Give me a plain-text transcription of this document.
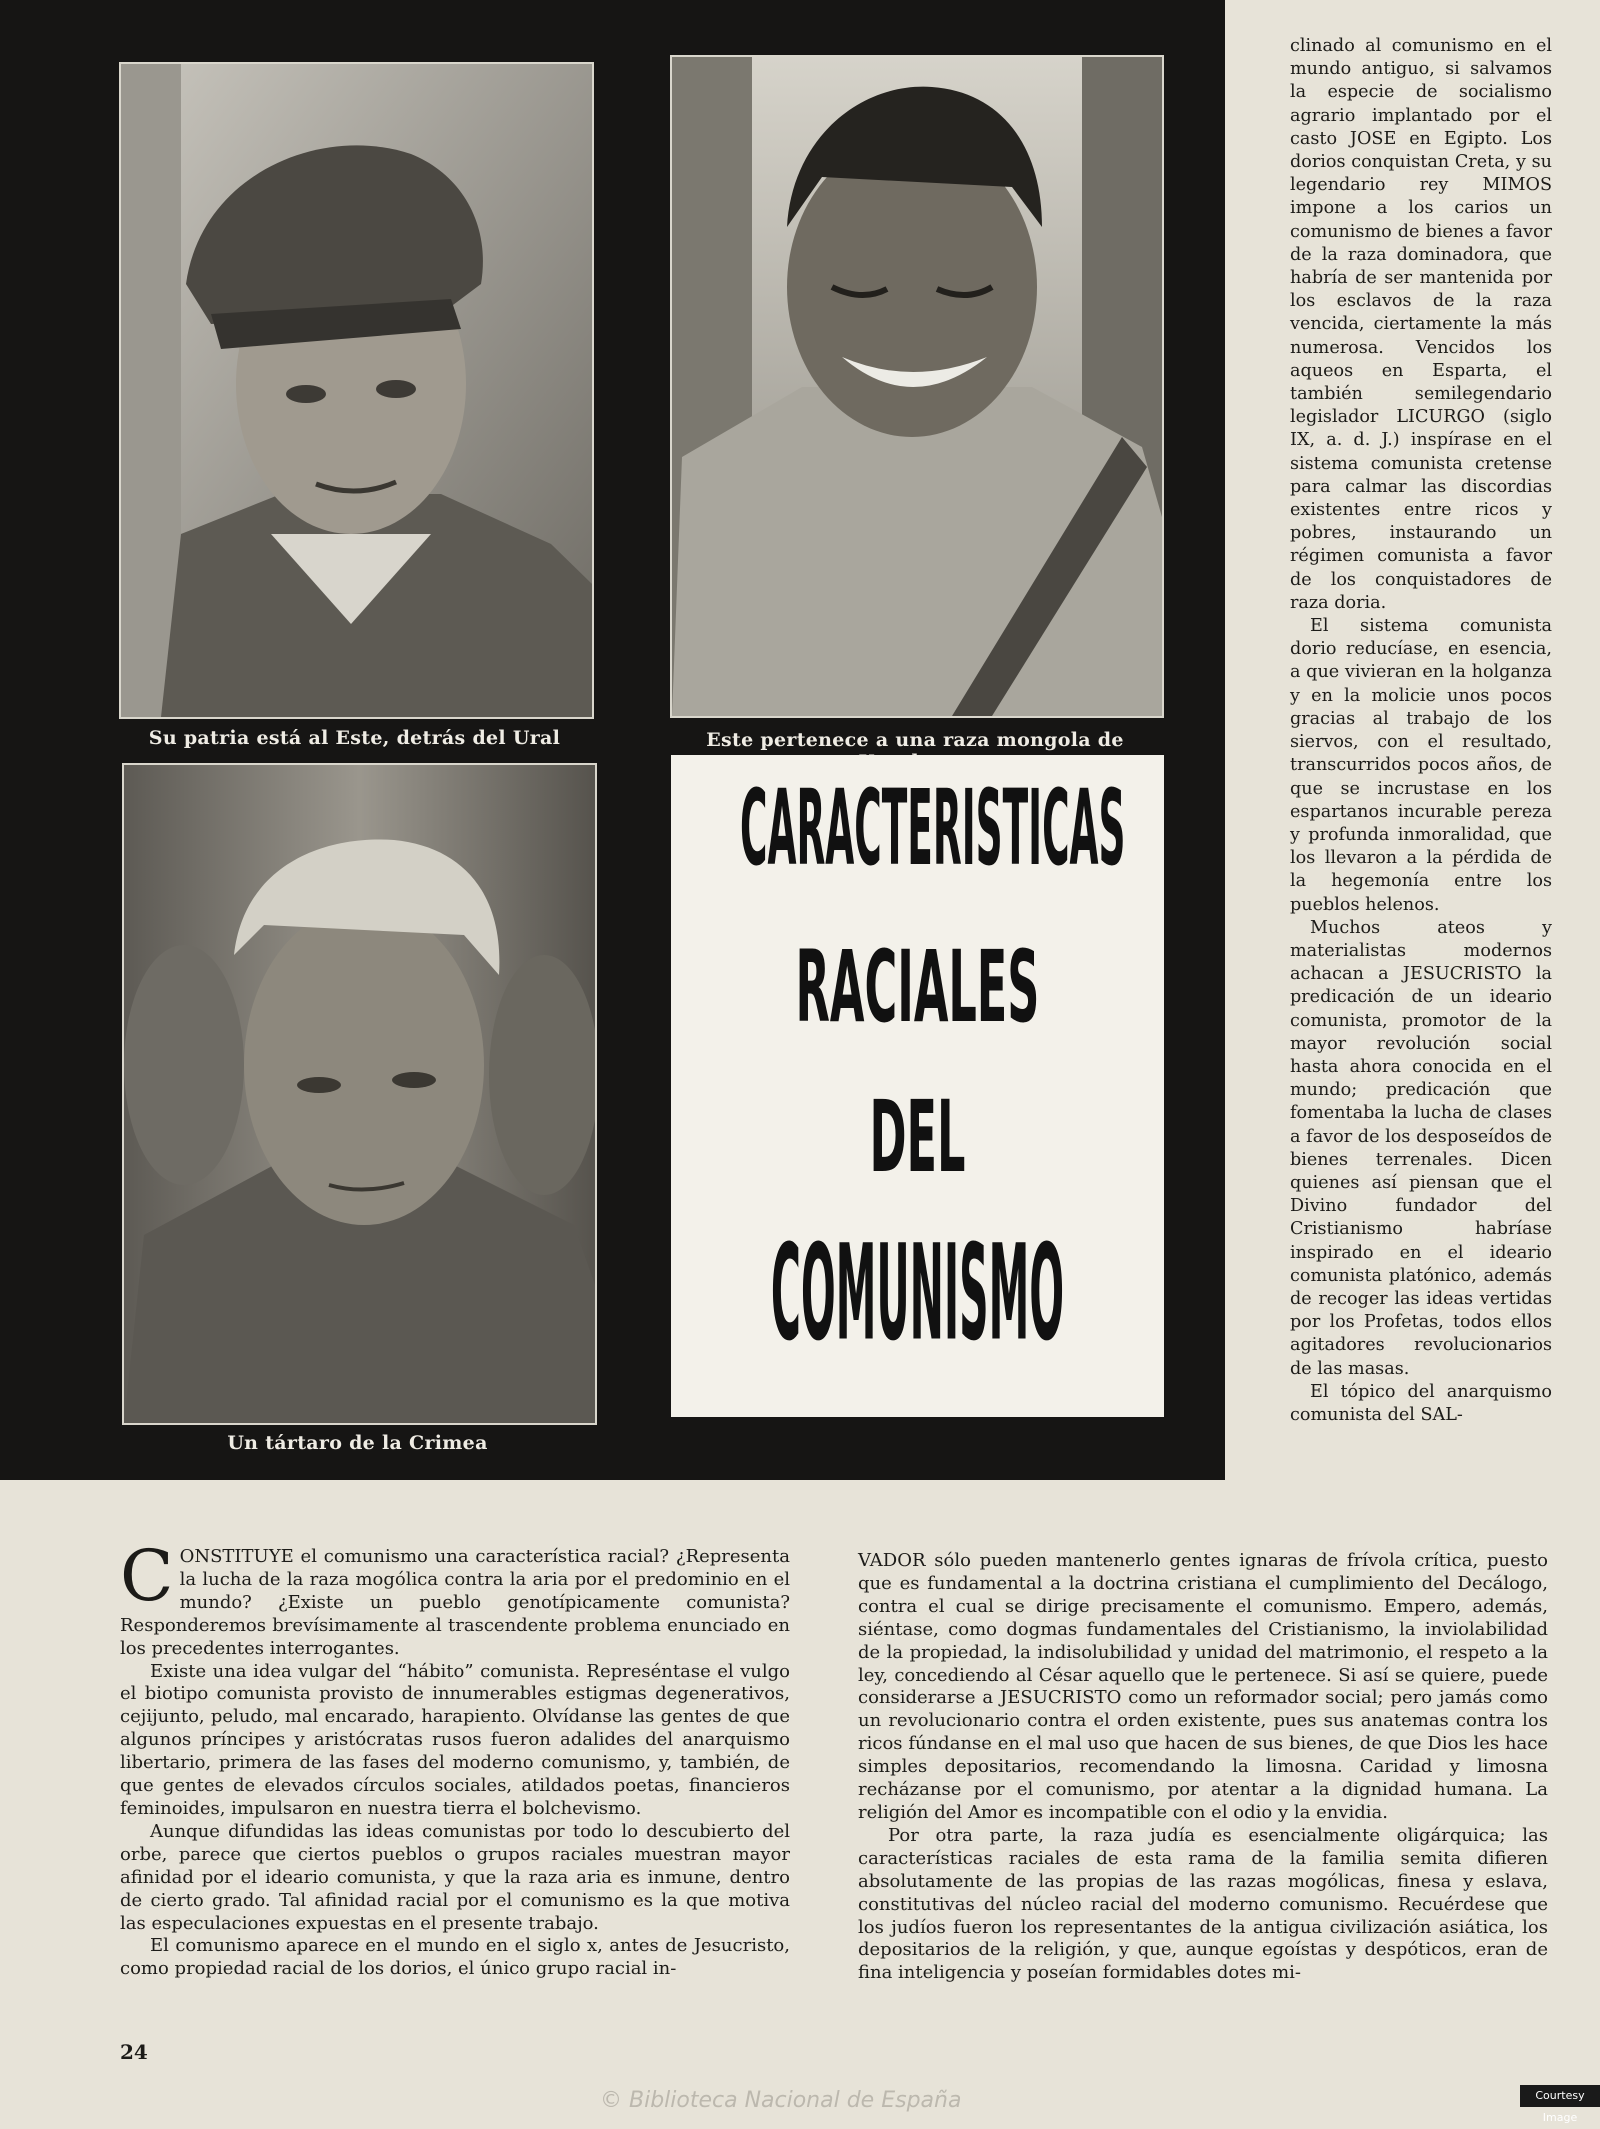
Su patria está al Este, detrás del Ural	Este pertenece a una raza mongola de
Un tártaro de la Crimea
CARACTERISTICAS
RACIALES
DEL
COMUNISMO

clinado al comunismo en el mundo antiguo, si salvamos la especie de socialismo agrario implantado por el casto JOSE en Egipto. Los dorios conquistan Creta, y su legendario rey MIMOS impone a los carios un comunismo de bienes a favor de la raza dominadora, que habría de ser mantenida por los esclavos de la raza vencida, ciertamente la más numerosa. Vencidos los aqueos en Esparta, el también semilegendario legislador LICURGO (siglo IX, a. d. J.) inspírase en el sistema comunista cretense para calmar las discordias existentes entre ricos y pobres, instaurando un régimen comunista a favor de los conquistadores de raza doria.

El sistema comunista dorio reducíase, en esencia, a que vivieran en la holganza y en la molicie unos pocos gracias al trabajo de los siervos, con el resultado, transcurridos pocos años, de que se incrustase en los espartanos incurable pereza y profunda inmoralidad, que los llevaron a la pérdida de la hegemonía entre los pueblos helenos.

Muchos ateos y materialistas modernos achacan a JESUCRISTO la predicación de un ideario comunista, promotor de la mayor revolución social hasta ahora conocida en el mundo; predicación que fomentaba la lucha de clases a favor de los desposeídos de bienes terrenales. Dicen quienes así piensan que el Divino fundador del Cristianismo habríase inspirado en el ideario comunista platónico, además de recoger las ideas vertidas por los Profetas, todos ellos agitadores revolucionarios de las masas.

El tópico del anarquismo comunista del SAL-

CONSTITUYE el comunismo una característica racial? ¿Representa la lucha de la raza mogólica contra la aria por el predominio en el mundo? ¿Existe un pueblo genotípicamente comunista? Responderemos brevísimamente al trascendente problema enunciado en los precedentes interrogantes.

Existe una idea vulgar del “hábito” comunista. Represéntase el vulgo el biotipo comunista provisto de innumerables estigmas degenerativos, cejijunto, peludo, mal encarado, harapiento. Olvídanse las gentes de que algunos príncipes y aristócratas rusos fueron adalides del anarquismo libertario, primera de las fases del moderno comunismo, y, también, de que gentes de elevados círculos sociales, atildados poetas, financieros feminoides, impulsaron en nuestra tierra el bolchevismo.

Aunque difundidas las ideas comunistas por todo lo descubierto del orbe, parece que ciertos pueblos o grupos raciales muestran mayor afinidad por el ideario comunista, y que la raza aria es inmune, dentro de cierto grado. Tal afinidad racial por el comunismo es la que motiva las especulaciones expuestas en el presente trabajo.

El comunismo aparece en el mundo en el siglo x, antes de Jesucristo, como propiedad racial de los dorios, el único grupo racial in-

VADOR sólo pueden mantenerlo gentes ignaras de frívola crítica, puesto que es fundamental a la doctrina cristiana el cumplimiento del Decálogo, contra el cual se dirige precisamente el comunismo. Empero, además, siéntase, como dogmas fundamentales del Cristianismo, la inviolabilidad de la propiedad, la indisolubilidad y unidad del matrimonio, el respeto a la ley, concediendo al César aquello que le pertenece. Si así se quiere, puede considerarse a JESUCRISTO como un reformador social; pero jamás como un revolucionario contra el orden existente, pues sus anatemas contra los ricos fúndanse en el mal uso que hacen de sus bienes, de que Dios les hace simples depositarios, recomendando la limosna. Caridad y limosna recházanse por el comunismo, por atentar a la dignidad humana. La religión del Amor es incompatible con el odio y la envidia.

Por otra parte, la raza judía es esencialmente oligárquica; las características raciales de esta rama de la familia semita difieren absolutamente de las propias de las razas mogólicas, finesa y eslava, constitutivas del núcleo racial del moderno comunismo. Recuérdese que los judíos fueron los representantes de la antigua civilización asiática, los depositarios de la religión, y que, aunque egoístas y despóticos, eran de fina inteligencia y poseían formidables dotes mi-

24
© Biblioteca Nacional de España	Courtesy Image
